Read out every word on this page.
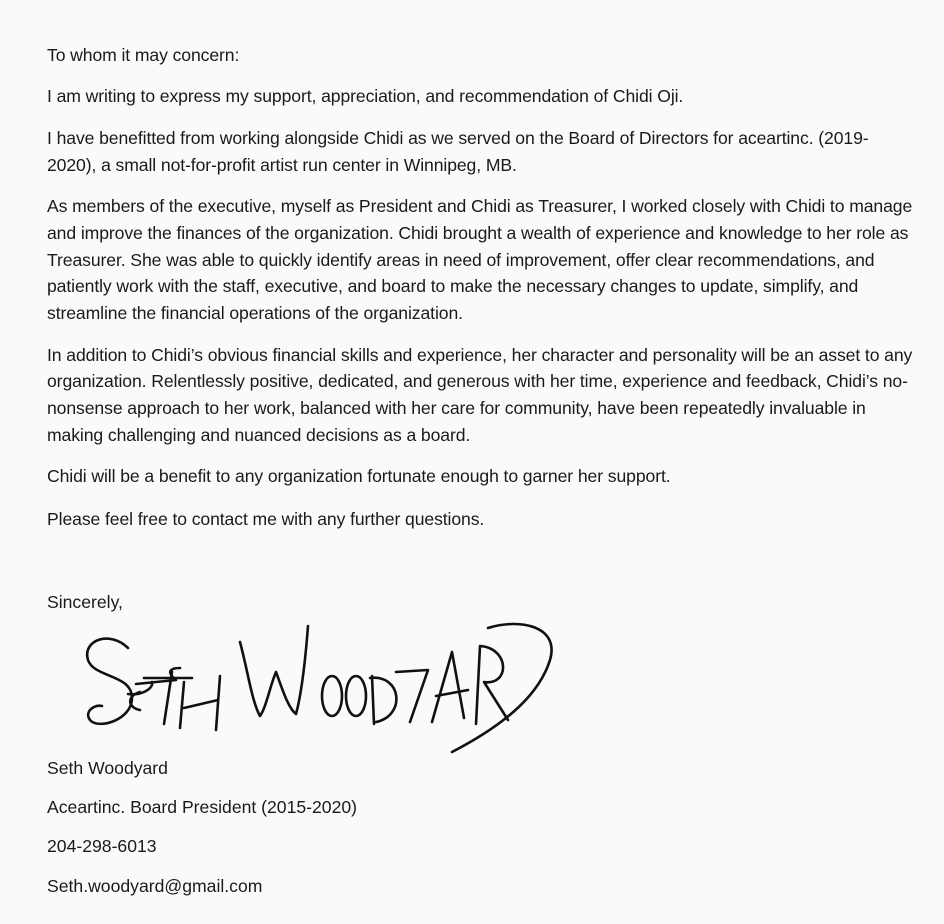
To whom it may concern:

I am writing to express my support, appreciation, and recommendation of Chidi Oji.

I have benefitted from working alongside Chidi as we served on the Board of Directors for aceartinc. (2019-2020), a small not-for-profit artist run center in Winnipeg, MB.

As members of the executive, myself as President and Chidi as Treasurer, I worked closely with Chidi to manage and improve the finances of the organization. Chidi brought a wealth of experience and knowledge to her role as Treasurer. She was able to quickly identify areas in need of improvement, offer clear recommendations, and patiently work with the staff, executive, and board to make the necessary changes to update, simplify, and streamline the financial operations of the organization.

In addition to Chidi’s obvious financial skills and experience, her character and personality will be an asset to any organization. Relentlessly positive, dedicated, and generous with her time, experience and feedback, Chidi’s no-nonsense approach to her work, balanced with her care for community, have been repeatedly invaluable in making challenging and nuanced decisions as a board.

Chidi will be a benefit to any organization fortunate enough to garner her support.

Please feel free to contact me with any further questions.

Sincerely,

Seth Woodyard

Aceartinc. Board President (2015-2020)

204-298-6013

Seth.woodyard@gmail.com
